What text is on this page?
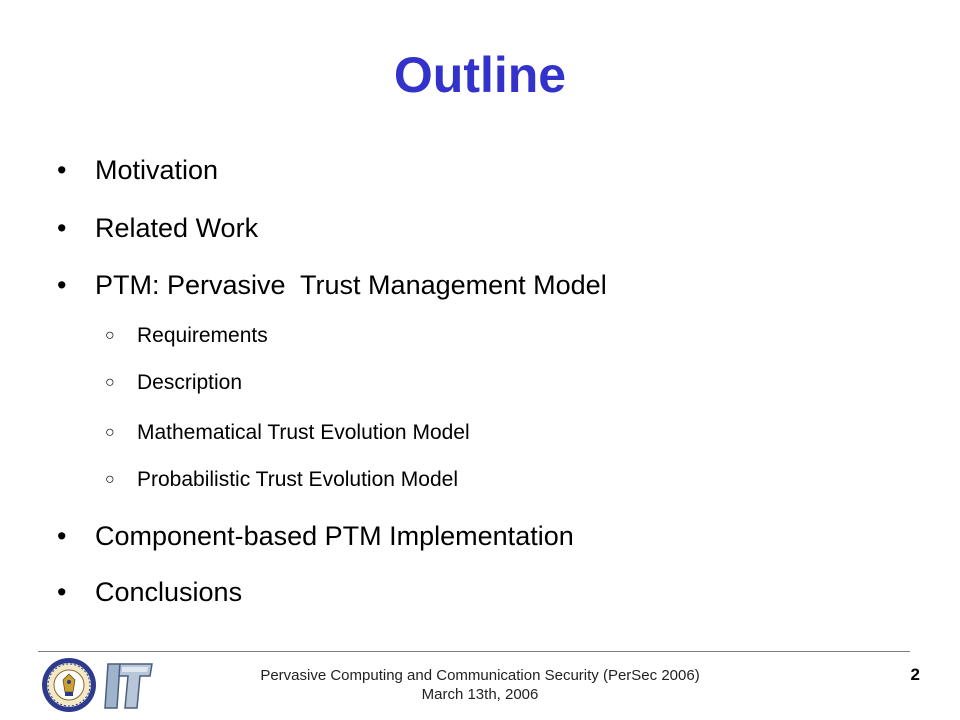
Outline
•	Motivation
•	Related Work
•	PTM: Pervasive  Trust Management Model
○	Requirements
○	Description
○	Mathematical Trust Evolution Model
○	Probabilistic Trust Evolution Model
•	Component-based PTM Implementation
•	Conclusions
Pervasive Computing and Communication Security (PerSec 2006)
March 13th, 2006
2
